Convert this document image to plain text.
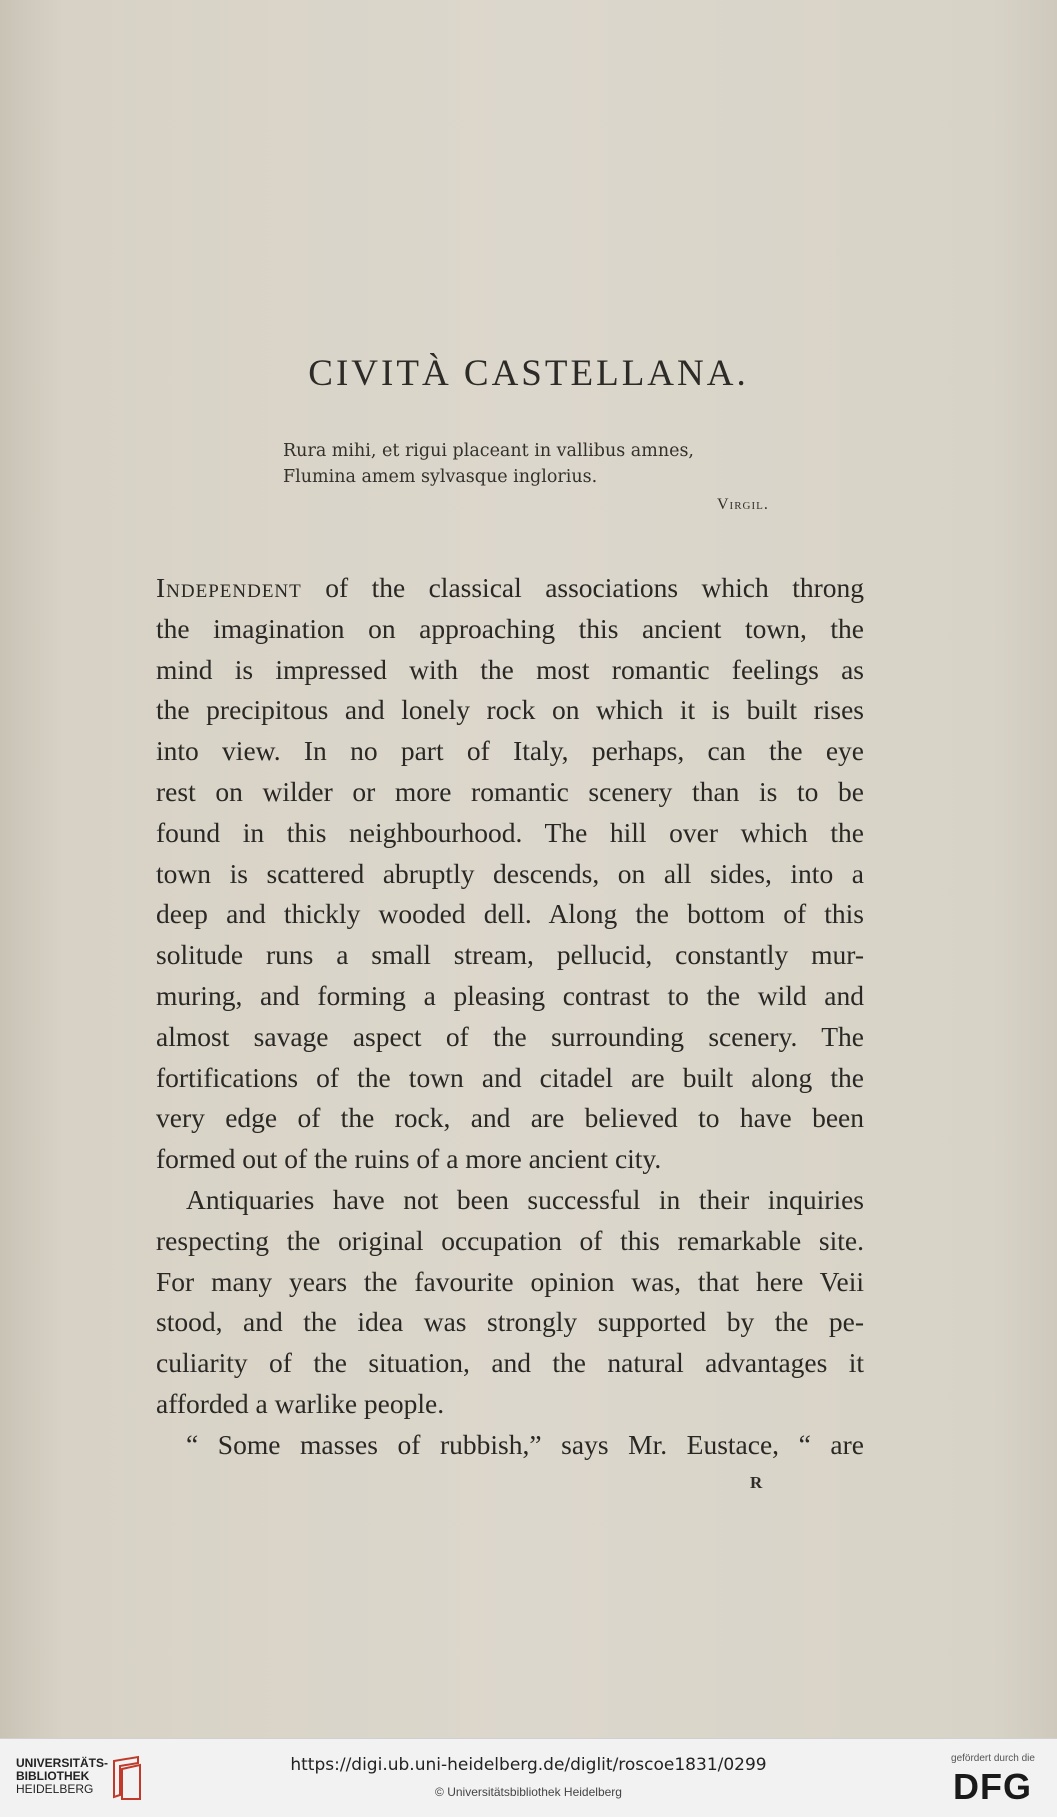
CIVITÀ CASTELLANA.
Rura mihi, et rigui placeant in vallibus amnes,
Flumina amem sylvasque inglorius.
Virgil.
Independent of the classical associations which throng
the imagination on approaching this ancient town, the
mind is impressed with the most romantic feelings as
the precipitous and lonely rock on which it is built rises
into view. In no part of Italy, perhaps, can the eye
rest on wilder or more romantic scenery than is to be
found in this neighbourhood. The hill over which the
town is scattered abruptly descends, on all sides, into a
deep and thickly wooded dell. Along the bottom of this
solitude runs a small stream, pellucid, constantly mur-
muring, and forming a pleasing contrast to the wild and
almost savage aspect of the surrounding scenery. The
fortifications of the town and citadel are built along the
very edge of the rock, and are believed to have been
formed out of the ruins of a more ancient city.
Antiquaries have not been successful in their inquiries
respecting the original occupation of this remarkable site.
For many years the favourite opinion was, that here Veii
stood, and the idea was strongly supported by the pe-
culiarity of the situation, and the natural advantages it
afforded a warlike people.
“ Some masses of rubbish,” says Mr. Eustace, “ are
R
UNIVERSITÄTS-
BIBLIOTHEK
HEIDELBERG
https://digi.ub.uni-heidelberg.de/diglit/roscoe1831/0299
© Universitätsbibliothek Heidelberg
gefördert durch die
DFG
